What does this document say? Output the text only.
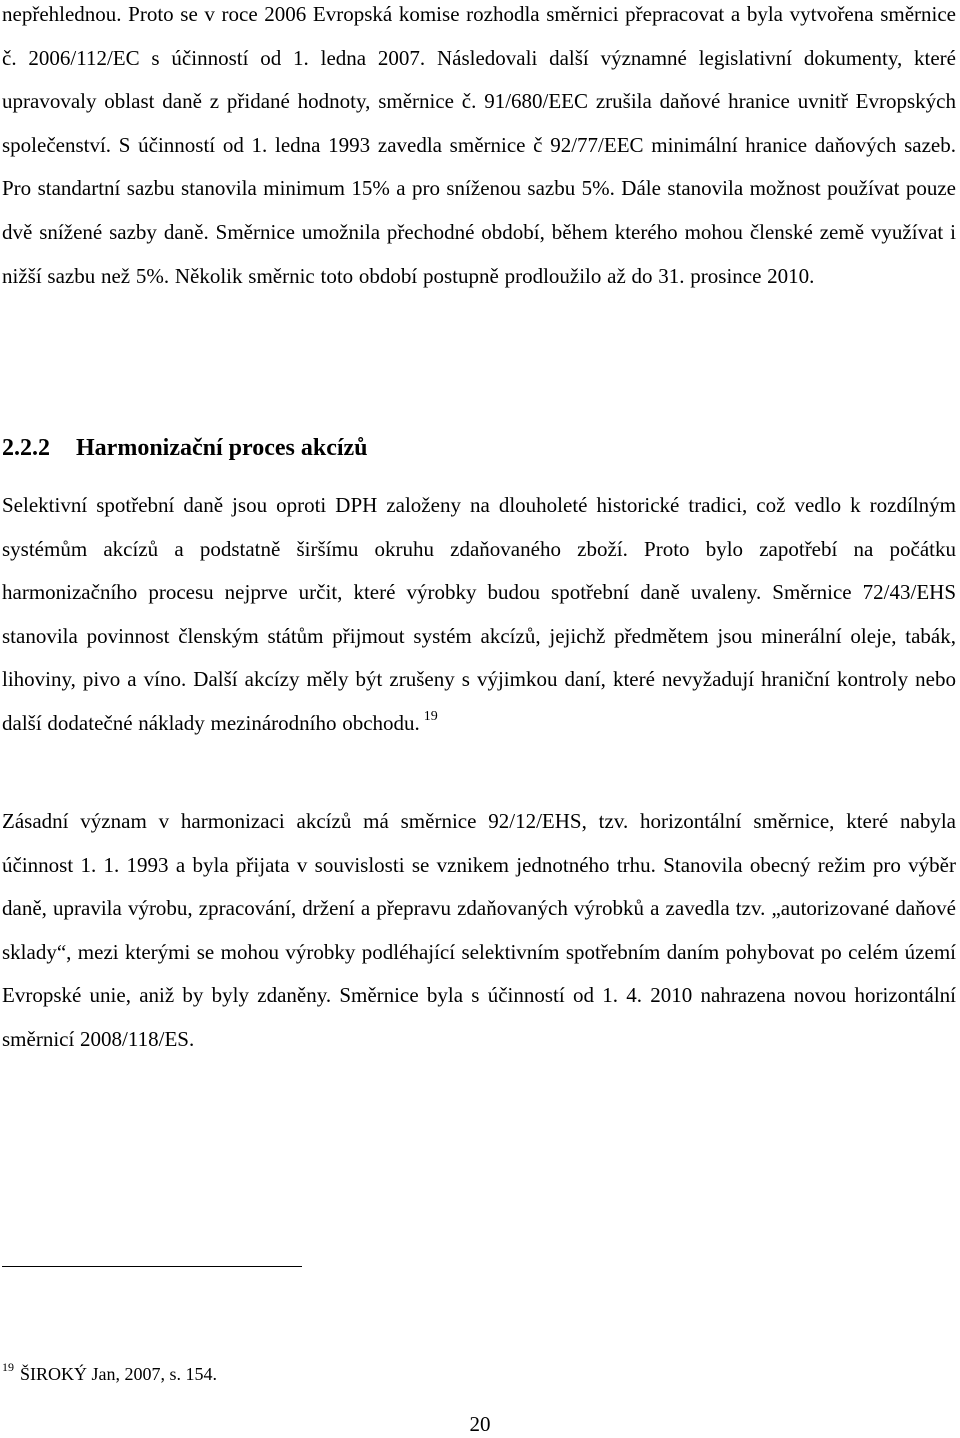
nepřehlednou. Proto se v roce 2006 Evropská komise rozhodla směrnici přepracovat a byla vytvořena směrnice č. 2006/112/EC s účinností od 1. ledna 2007. Následovali další významné legislativní dokumenty, které upravovaly oblast daně z přidané hodnoty, směrnice č. 91/680/EEC zrušila daňové hranice uvnitř Evropských společenství. S účinností od 1. ledna 1993 zavedla směrnice č 92/77/EEC minimální hranice daňových sazeb. Pro standartní sazbu stanovila minimum 15% a pro sníženou sazbu 5%. Dále stanovila možnost používat pouze dvě snížené sazby daně. Směrnice umožnila přechodné období, během kterého mohou členské země využívat i nižší sazbu než 5%. Několik směrnic toto období postupně prodloužilo až do 31. prosince 2010.

2.2.2 Harmonizační proces akcízů

Selektivní spotřební daně jsou oproti DPH založeny na dlouholeté historické tradici, což vedlo k rozdílným systémům akcízů a podstatně širšímu okruhu zdaňovaného zboží. Proto bylo zapotřebí na počátku harmonizačního procesu nejprve určit, které výrobky budou spotřební daně uvaleny. Směrnice 72/43/EHS stanovila povinnost členským státům přijmout systém akcízů, jejichž předmětem jsou minerální oleje, tabák, lihoviny, pivo a víno. Další akcízy měly být zrušeny s výjimkou daní, které nevyžadují hraniční kontroly nebo další dodatečné náklady mezinárodního obchodu. $^{19}$

Zásadní význam v harmonizaci akcízů má směrnice 92/12/EHS, tzv. horizontální směrnice, které nabyla účinnost 1. 1. 1993 a byla přijata v souvislosti se vznikem jednotného trhu. Stanovila obecný režim pro výběr daně, upravila výrobu, zpracování, držení a přepravu zdaňovaných výrobků a zavedla tzv. „autorizované daňové sklady“, mezi kterými se mohou výrobky podléhající selektivním spotřebním daním pohybovat po celém území Evropské unie, aniž by byly zdaněny. Směrnice byla s účinností od 1. 4. 2010 nahrazena novou horizontální směrnicí 2008/118/ES.

$^{19}$ ŠIROKÝ Jan, 2007, s. 154.

20
